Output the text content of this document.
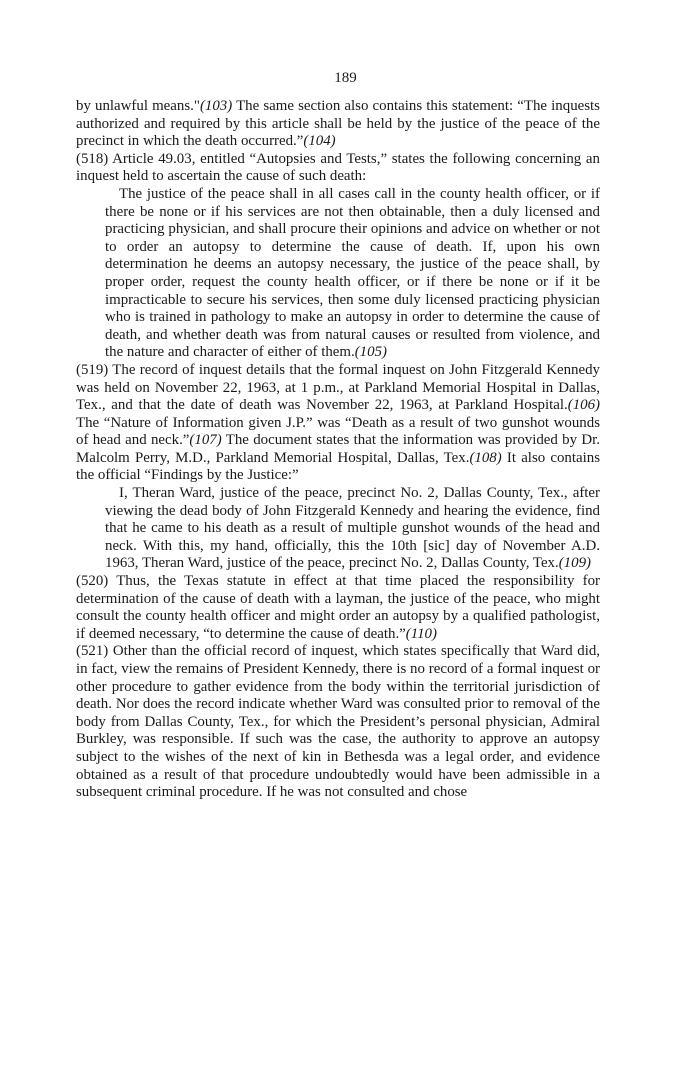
189

by unlawful means."(103) The same section also contains this statement: “The inquests authorized and required by this article shall be held by the justice of the peace of the precinct in which the death occurred.”(104)

(518) Article 49.03, entitled “Autopsies and Tests,” states the following concerning an inquest held to ascertain the cause of such death:

The justice of the peace shall in all cases call in the county health officer, or if there be none or if his services are not then obtainable, then a duly licensed and practicing physician, and shall procure their opinions and advice on whether or not to order an autopsy to determine the cause of death. If, upon his own determination he deems an autopsy necessary, the justice of the peace shall, by proper order, request the county health officer, or if there be none or if it be impracticable to secure his services, then some duly licensed practicing physician who is trained in pathology to make an autopsy in order to determine the cause of death, and whether death was from natural causes or resulted from violence, and the nature and character of either of them.(105)

(519) The record of inquest details that the formal inquest on John Fitzgerald Kennedy was held on November 22, 1963, at 1 p.m., at Parkland Memorial Hospital in Dallas, Tex., and that the date of death was November 22, 1963, at Parkland Hospital.(106) The “Nature of Information given J.P.” was “Death as a result of two gunshot wounds of head and neck.”(107) The document states that the information was provided by Dr. Malcolm Perry, M.D., Parkland Memorial Hospital, Dallas, Tex.(108) It also contains the official “Findings by the Justice:”

I, Theran Ward, justice of the peace, precinct No. 2, Dallas County, Tex., after viewing the dead body of John Fitzgerald Kennedy and hearing the evidence, find that he came to his death as a result of multiple gunshot wounds of the head and neck. With this, my hand, officially, this the 10th [sic] day of November A.D. 1963, Theran Ward, justice of the peace, precinct No. 2, Dallas County, Tex.(109)

(520) Thus, the Texas statute in effect at that time placed the responsibility for determination of the cause of death with a layman, the justice of the peace, who might consult the county health officer and might order an autopsy by a qualified pathologist, if deemed necessary, “to determine the cause of death.”(110)

(521) Other than the official record of inquest, which states specifically that Ward did, in fact, view the remains of President Kennedy, there is no record of a formal inquest or other procedure to gather evidence from the body within the territorial jurisdiction of death. Nor does the record indicate whether Ward was consulted prior to removal of the body from Dallas County, Tex., for which the President’s personal physician, Admiral Burkley, was responsible. If such was the case, the authority to approve an autopsy subject to the wishes of the next of kin in Bethesda was a legal order, and evidence obtained as a result of that procedure undoubtedly would have been admissible in a subsequent criminal procedure. If he was not consulted and chose
